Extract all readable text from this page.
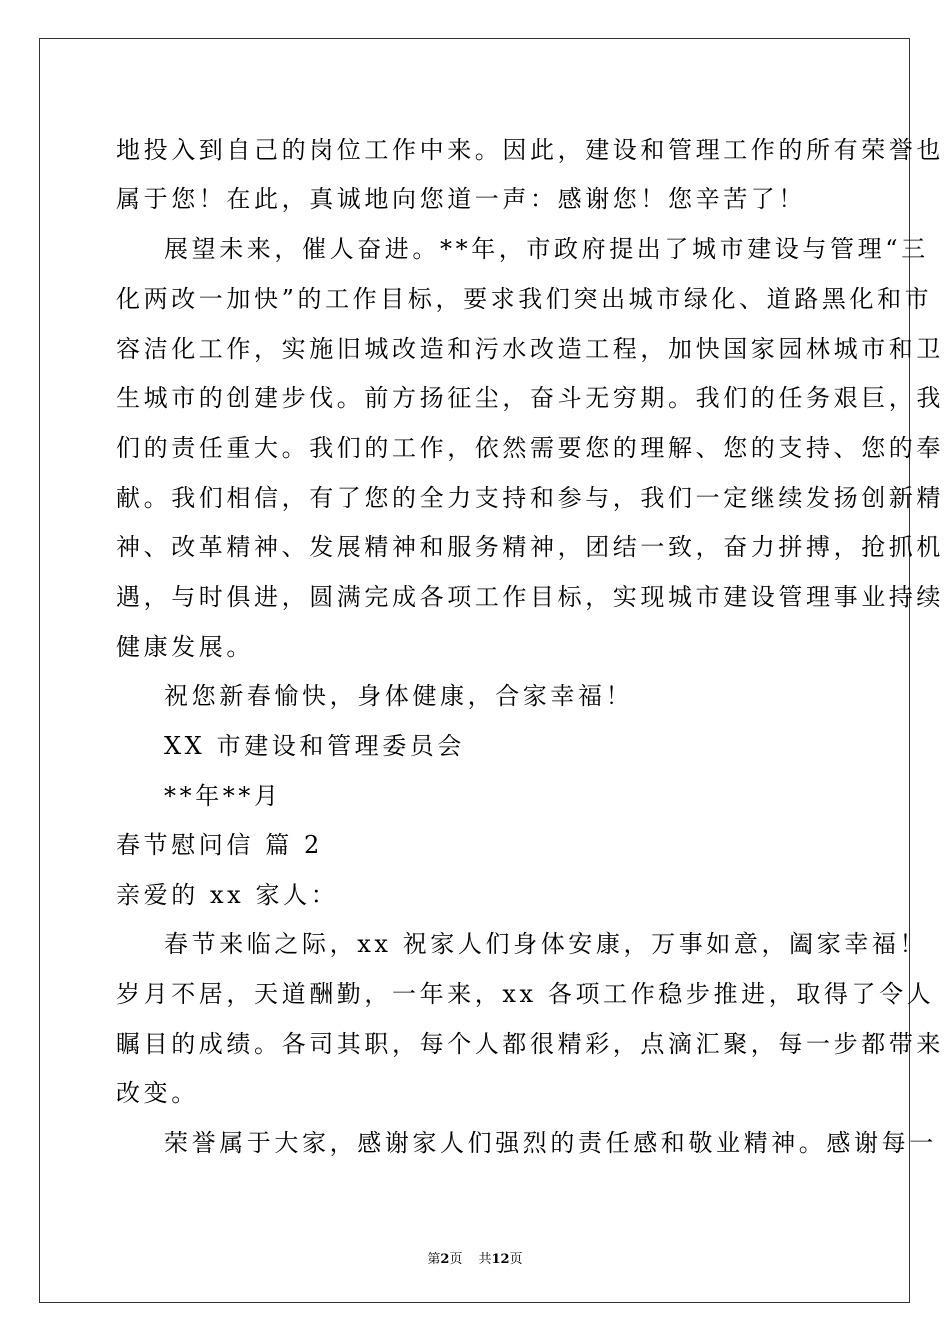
地投入到自己的岗位工作中来。因此，建设和管理工作的所有荣誉也
属于您！在此，真诚地向您道一声：感谢您！您辛苦了！
展望未来，催人奋进。**年，市政府提出了城市建设与管理“三
化两改一加快”的工作目标，要求我们突出城市绿化、道路黑化和市
容洁化工作，实施旧城改造和污水改造工程，加快国家园林城市和卫
生城市的创建步伐。前方扬征尘，奋斗无穷期。我们的任务艰巨，我
们的责任重大。我们的工作，依然需要您的理解、您的支持、您的奉
献。我们相信，有了您的全力支持和参与，我们一定继续发扬创新精
神、改革精神、发展精神和服务精神，团结一致，奋力拼搏，抢抓机
遇，与时俱进，圆满完成各项工作目标，实现城市建设管理事业持续
健康发展。
祝您新春愉快，身体健康，合家幸福！
XX 市建设和管理委员会
**年**月
春节慰问信 篇 2
亲爱的 xx 家人：
春节来临之际，xx 祝家人们身体安康，万事如意，阖家幸福！
岁月不居，天道酬勤，一年来，xx 各项工作稳步推进，取得了令人
瞩目的成绩。各司其职，每个人都很精彩，点滴汇聚，每一步都带来
改变。
荣誉属于大家，感谢家人们强烈的责任感和敬业精神。感谢每一
第2页 共12页
